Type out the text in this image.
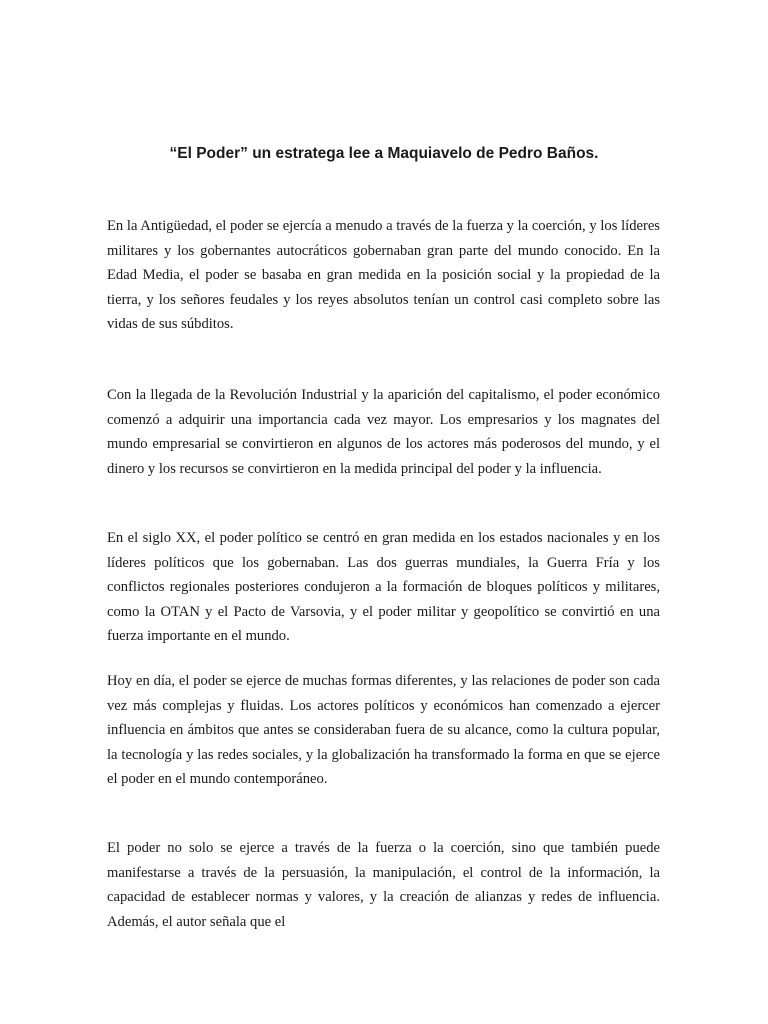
“El Poder” un estratega lee a Maquiavelo de Pedro Baños.

En la Antigüedad, el poder se ejercía a menudo a través de la fuerza y la coerción, y los líderes militares y los gobernantes autocráticos gobernaban gran parte del mundo conocido. En la Edad Media, el poder se basaba en gran medida en la posición social y la propiedad de la tierra, y los señores feudales y los reyes absolutos tenían un control casi completo sobre las vidas de sus súbditos.

Con la llegada de la Revolución Industrial y la aparición del capitalismo, el poder económico comenzó a adquirir una importancia cada vez mayor. Los empresarios y los magnates del mundo empresarial se convirtieron en algunos de los actores más poderosos del mundo, y el dinero y los recursos se convirtieron en la medida principal del poder y la influencia.

En el siglo XX, el poder político se centró en gran medida en los estados nacionales y en los líderes políticos que los gobernaban. Las dos guerras mundiales, la Guerra Fría y los conflictos regionales posteriores condujeron a la formación de bloques políticos y militares, como la OTAN y el Pacto de Varsovia, y el poder militar y geopolítico se convirtió en una fuerza importante en el mundo.

Hoy en día, el poder se ejerce de muchas formas diferentes, y las relaciones de poder son cada vez más complejas y fluidas. Los actores políticos y económicos han comenzado a ejercer influencia en ámbitos que antes se consideraban fuera de su alcance, como la cultura popular, la tecnología y las redes sociales, y la globalización ha transformado la forma en que se ejerce el poder en el mundo contemporáneo.

El poder no solo se ejerce a través de la fuerza o la coerción, sino que también puede manifestarse a través de la persuasión, la manipulación, el control de la información, la capacidad de establecer normas y valores, y la creación de alianzas y redes de influencia. Además, el autor señala que el
